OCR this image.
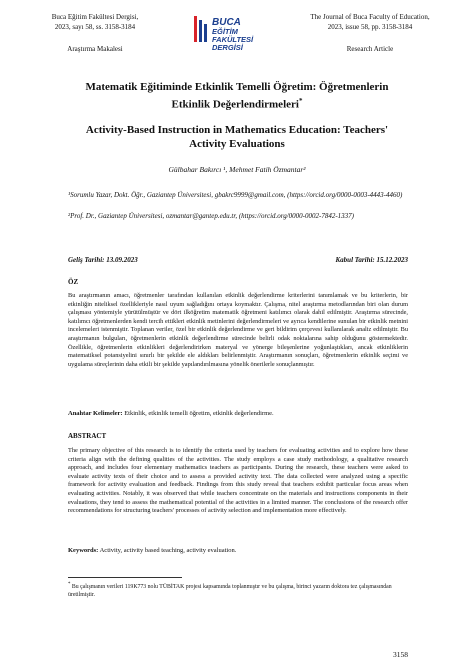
Buca Eğitim Fakültesi Dergisi,
2023, sayı 58, ss. 3158-3184
Araştırma Makalesi
BUCA
EĞİTİM FAKÜLTESİ
DERGİSİ
The Journal of Buca Faculty of Education,
2023, issue 58, pp. 3158-3184
Research Article
Matematik Eğitiminde Etkinlik Temelli Öğretim: Öğretmenlerin
Etkinlik Değerlendirmeleri*
Activity-Based Instruction in Mathematics Education: Teachers'
Activity Evaluations
Gülbahar Bakırcı ¹, Mehmet Fatih Özmantar²
¹Sorumlu Yazar, Dokt. Öğr., Gaziantep Üniversitesi, gbakrc9999@gmail.com, (https://orcid.org/0000-0003-4443-4460)
²Prof. Dr., Gaziantep Üniversitesi, ozmantar@gantep.edu.tr, (https://orcid.org/0000-0002-7842-1337)
Geliş Tarihi: 13.09.2023	Kabul Tarihi: 15.12.2023
ÖZ
Bu araştırmanın amacı, öğretmenler tarafından kullanılan etkinlik değerlendirme kriterlerini tanımlamak ve bu kriterlerin, bir etkinliğin niteliksel özellikleriyle nasıl uyum sağladığını ortaya koymaktır. Çalışma, nitel araştırma metodlarından biri olan durum çalışması yöntemiyle yürütülmüştür ve dört ilköğretim matematik öğretmeni katılımcı olarak dahil edilmiştir. Araştırma sürecinde, katılımcı öğretmenlerden kendi tercih ettikleri etkinlik metinlerini değerlendirmeleri ve ayrıca kendilerine sunulan bir etkinlik metnini incelemeleri istenmiştir. Toplanan veriler, özel bir etkinlik değerlendirme ve geri bildirim çerçevesi kullanılarak analiz edilmiştir. Bu araştırmanın bulguları, öğretmenlerin etkinlik değerlendirme sürecinde belirli odak noktalarına sahip olduğunu göstermektedir. Özellikle, öğretmenlerin etkinlikleri değerlendirirken materyal ve yönerge bileşenlerine yoğunlaştıkları, ancak etkinliklerin matematiksel potansiyelini sınırlı bir şekilde ele aldıkları belirlenmiştir. Araştırmanın sonuçları, öğretmenlerin etkinlik seçimi ve uygulama süreçlerinin daha etkili bir şekilde yapılandırılmasına yönelik önerilerle sonuçlanmıştır.
Anahtar Kelimeler: Etkinlik, etkinlik temelli öğretim, etkinlik değerlendirme.
ABSTRACT
The primary objective of this research is to identify the criteria used by teachers for evaluating activities and to explore how these criteria align with the defining qualities of the activities. The study employs a case study methodology, a qualitative research approach, and includes four elementary mathematics teachers as participants. During the research, these teachers were asked to evaluate activity texts of their choice and to assess a provided activity text. The data collected were analyzed using a specific framework for activity evaluation and feedback. Findings from this study reveal that teachers exhibit particular focus areas when evaluating activities. Notably, it was observed that while teachers concentrate on the materials and instructions components in their evaluations, they tend to assess the mathematical potential of the activities in a limited manner. The conclusions of the research offer recommendations for structuring teachers' processes of activity selection and implementation more effectively.
Keywords: Activity, activity based teaching, activity evaluation.
* Bu çalışmanın verileri 119K773 nolu TÜBİTAK projesi kapsamında toplanmıştır ve bu çalışma, birinci yazarın doktora tez çalışmasından üretilmiştir.
3158
